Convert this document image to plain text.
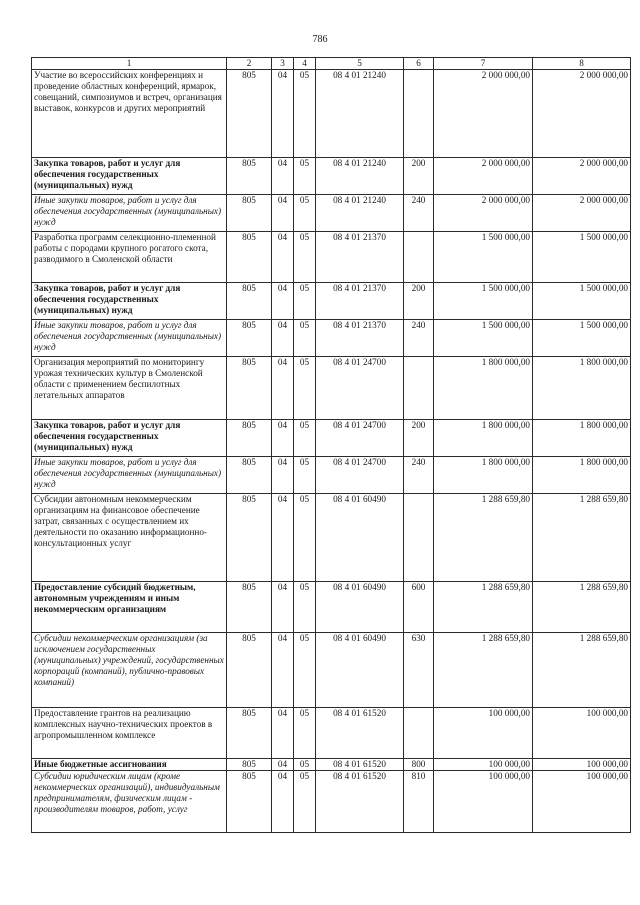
786
1	2	3	4	5	6	7	8
Участие во всероссийских конференциях и проведение областных конференций, ярмарок, совещаний, симпозиумов и встреч, организация выставок, конкурсов и других мероприятий	805	04	05	08 4 01 21240		2 000 000,00	2 000 000,00
Закупка товаров, работ и услуг для обеспечения государственных (муниципальных) нужд	805	04	05	08 4 01 21240	200	2 000 000,00	2 000 000,00
Иные закупки товаров, работ и услуг для обеспечения государственных (муниципальных) нужд	805	04	05	08 4 01 21240	240	2 000 000,00	2 000 000,00
Разработка программ селекционно-племенной работы с породами крупного рогатого скота, разводимого в Смоленской области	805	04	05	08 4 01 21370		1 500 000,00	1 500 000,00
Закупка товаров, работ и услуг для обеспечения государственных (муниципальных) нужд	805	04	05	08 4 01 21370	200	1 500 000,00	1 500 000,00
Иные закупки товаров, работ и услуг для обеспечения государственных (муниципальных) нужд	805	04	05	08 4 01 21370	240	1 500 000,00	1 500 000,00
Организация мероприятий по мониторингу урожая технических культур в Смоленской области с применением беспилотных летательных аппаратов	805	04	05	08 4 01 24700		1 800 000,00	1 800 000,00
Закупка товаров, работ и услуг для обеспечения государственных (муниципальных) нужд	805	04	05	08 4 01 24700	200	1 800 000,00	1 800 000,00
Иные закупки товаров, работ и услуг для обеспечения государственных (муниципальных) нужд	805	04	05	08 4 01 24700	240	1 800 000,00	1 800 000,00
Субсидии автономным некоммерческим организациям на финансовое обеспечение затрат, связанных с осуществлением их деятельности по оказанию информационно-консультационных услуг	805	04	05	08 4 01 60490		1 288 659,80	1 288 659,80
Предоставление субсидий бюджетным, автономным учреждениям и иным некоммерческим организациям	805	04	05	08 4 01 60490	600	1 288 659,80	1 288 659,80
Субсидии некоммерческим организациям (за исключением государственных (муниципальных) учреждений, государственных корпораций (компаний), публично-правовых компаний)	805	04	05	08 4 01 60490	630	1 288 659,80	1 288 659,80
Предоставление грантов на реализацию комплексных научно-технических проектов в агропромышленном комплексе	805	04	05	08 4 01 61520		100 000,00	100 000,00
Иные бюджетные ассигнования	805	04	05	08 4 01 61520	800	100 000,00	100 000,00
Субсидии юридическим лицам (кроме некоммерческих организаций), индивидуальным предпринимателям, физическим лицам - производителям товаров, работ, услуг	805	04	05	08 4 01 61520	810	100 000,00	100 000,00
